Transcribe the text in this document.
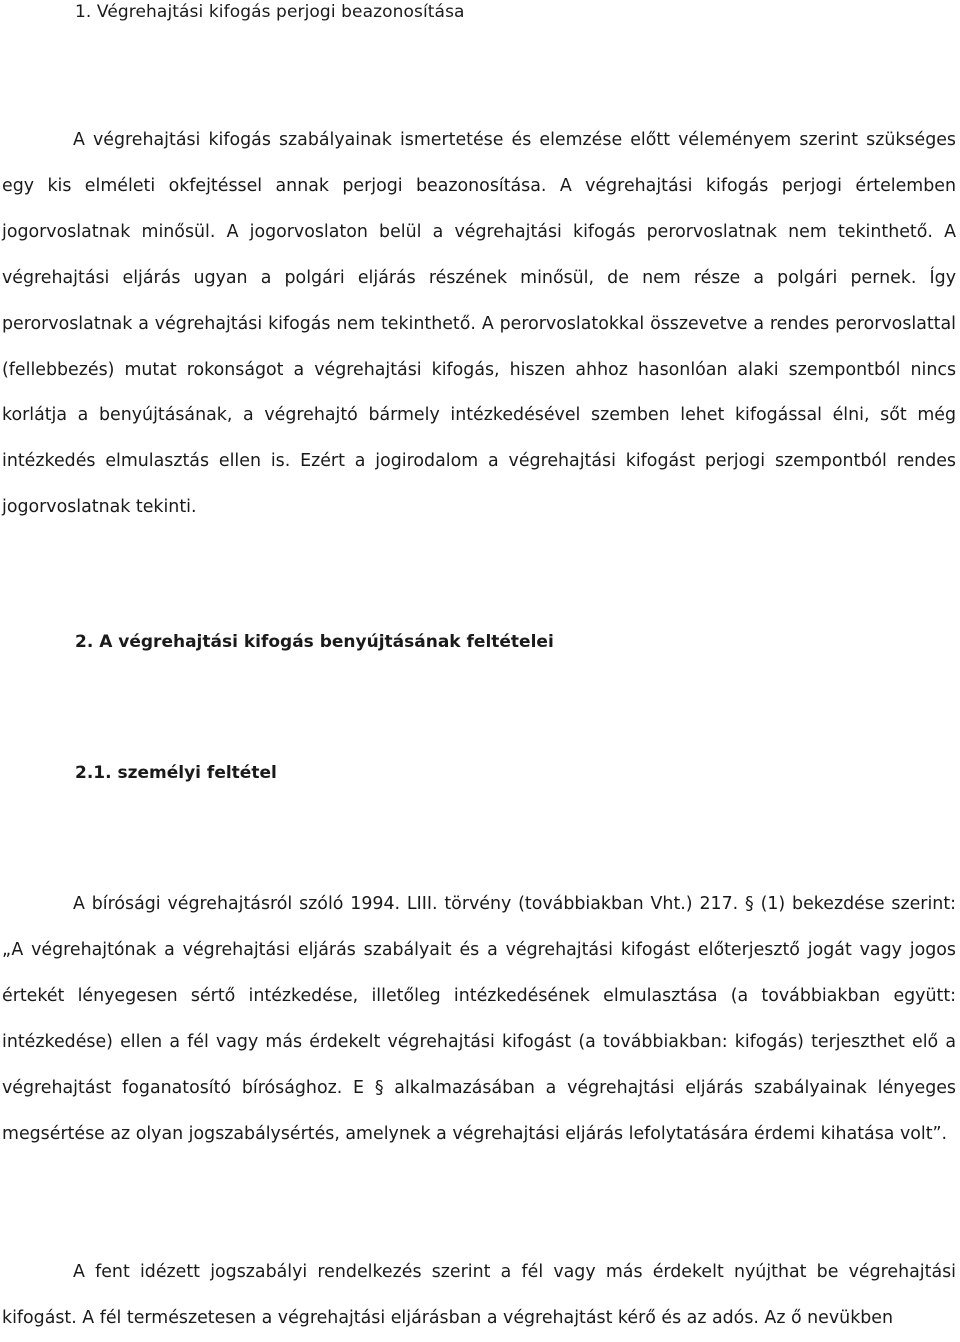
1. Végrehajtási kifogás perjogi beazonosítása

A végrehajtási kifogás szabályainak ismertetése és elemzése előtt véleményem szerint szükséges egy kis elméleti okfejtéssel annak perjogi beazonosítása. A végrehajtási kifogás perjogi értelemben jogorvoslatnak minősül. A jogorvoslaton belül a végrehajtási kifogás perorvoslatnak nem tekinthető. A végrehajtási eljárás ugyan a polgári eljárás részének minősül, de nem része a polgári pernek. Így perorvoslatnak a végrehajtási kifogás nem tekinthető. A perorvoslatokkal összevetve a rendes perorvoslattal (fellebbezés) mutat rokonságot a végrehajtási kifogás, hiszen ahhoz hasonlóan alaki szempontból nincs korlátja a benyújtásának, a végrehajtó bármely intézkedésével szemben lehet kifogással élni, sőt még intézkedés elmulasztás ellen is. Ezért a jogirodalom a végrehajtási kifogást perjogi szempontból rendes jogorvoslatnak tekinti.

2. A végrehajtási kifogás benyújtásának feltételei
2.1. személyi feltétel

A bírósági végrehajtásról szóló 1994. LIII. törvény (továbbiakban Vht.) 217. § (1) bekezdése szerint: „A végrehajtónak a végrehajtási eljárás szabályait és a végrehajtási kifogást előterjesztő jogát vagy jogos értekét lényegesen sértő intézkedése, illetőleg intézkedésének elmulasztása (a továbbiakban együtt: intézkedése) ellen a fél vagy más érdekelt végrehajtási kifogást (a továbbiakban: kifogás) terjeszthet elő a végrehajtást foganatosító bírósághoz. E § alkalmazásában a végrehajtási eljárás szabályainak lényeges megsértése az olyan jogszabálysértés, amelynek a végrehajtási eljárás lefolytatására érdemi kihatása volt”.

A fent idézett jogszabályi rendelkezés szerint a fél vagy más érdekelt nyújthat be végrehajtási kifogást. A fél természetesen a végrehajtási eljárásban a végrehajtást kérő és az adós. Az ő nevükben
